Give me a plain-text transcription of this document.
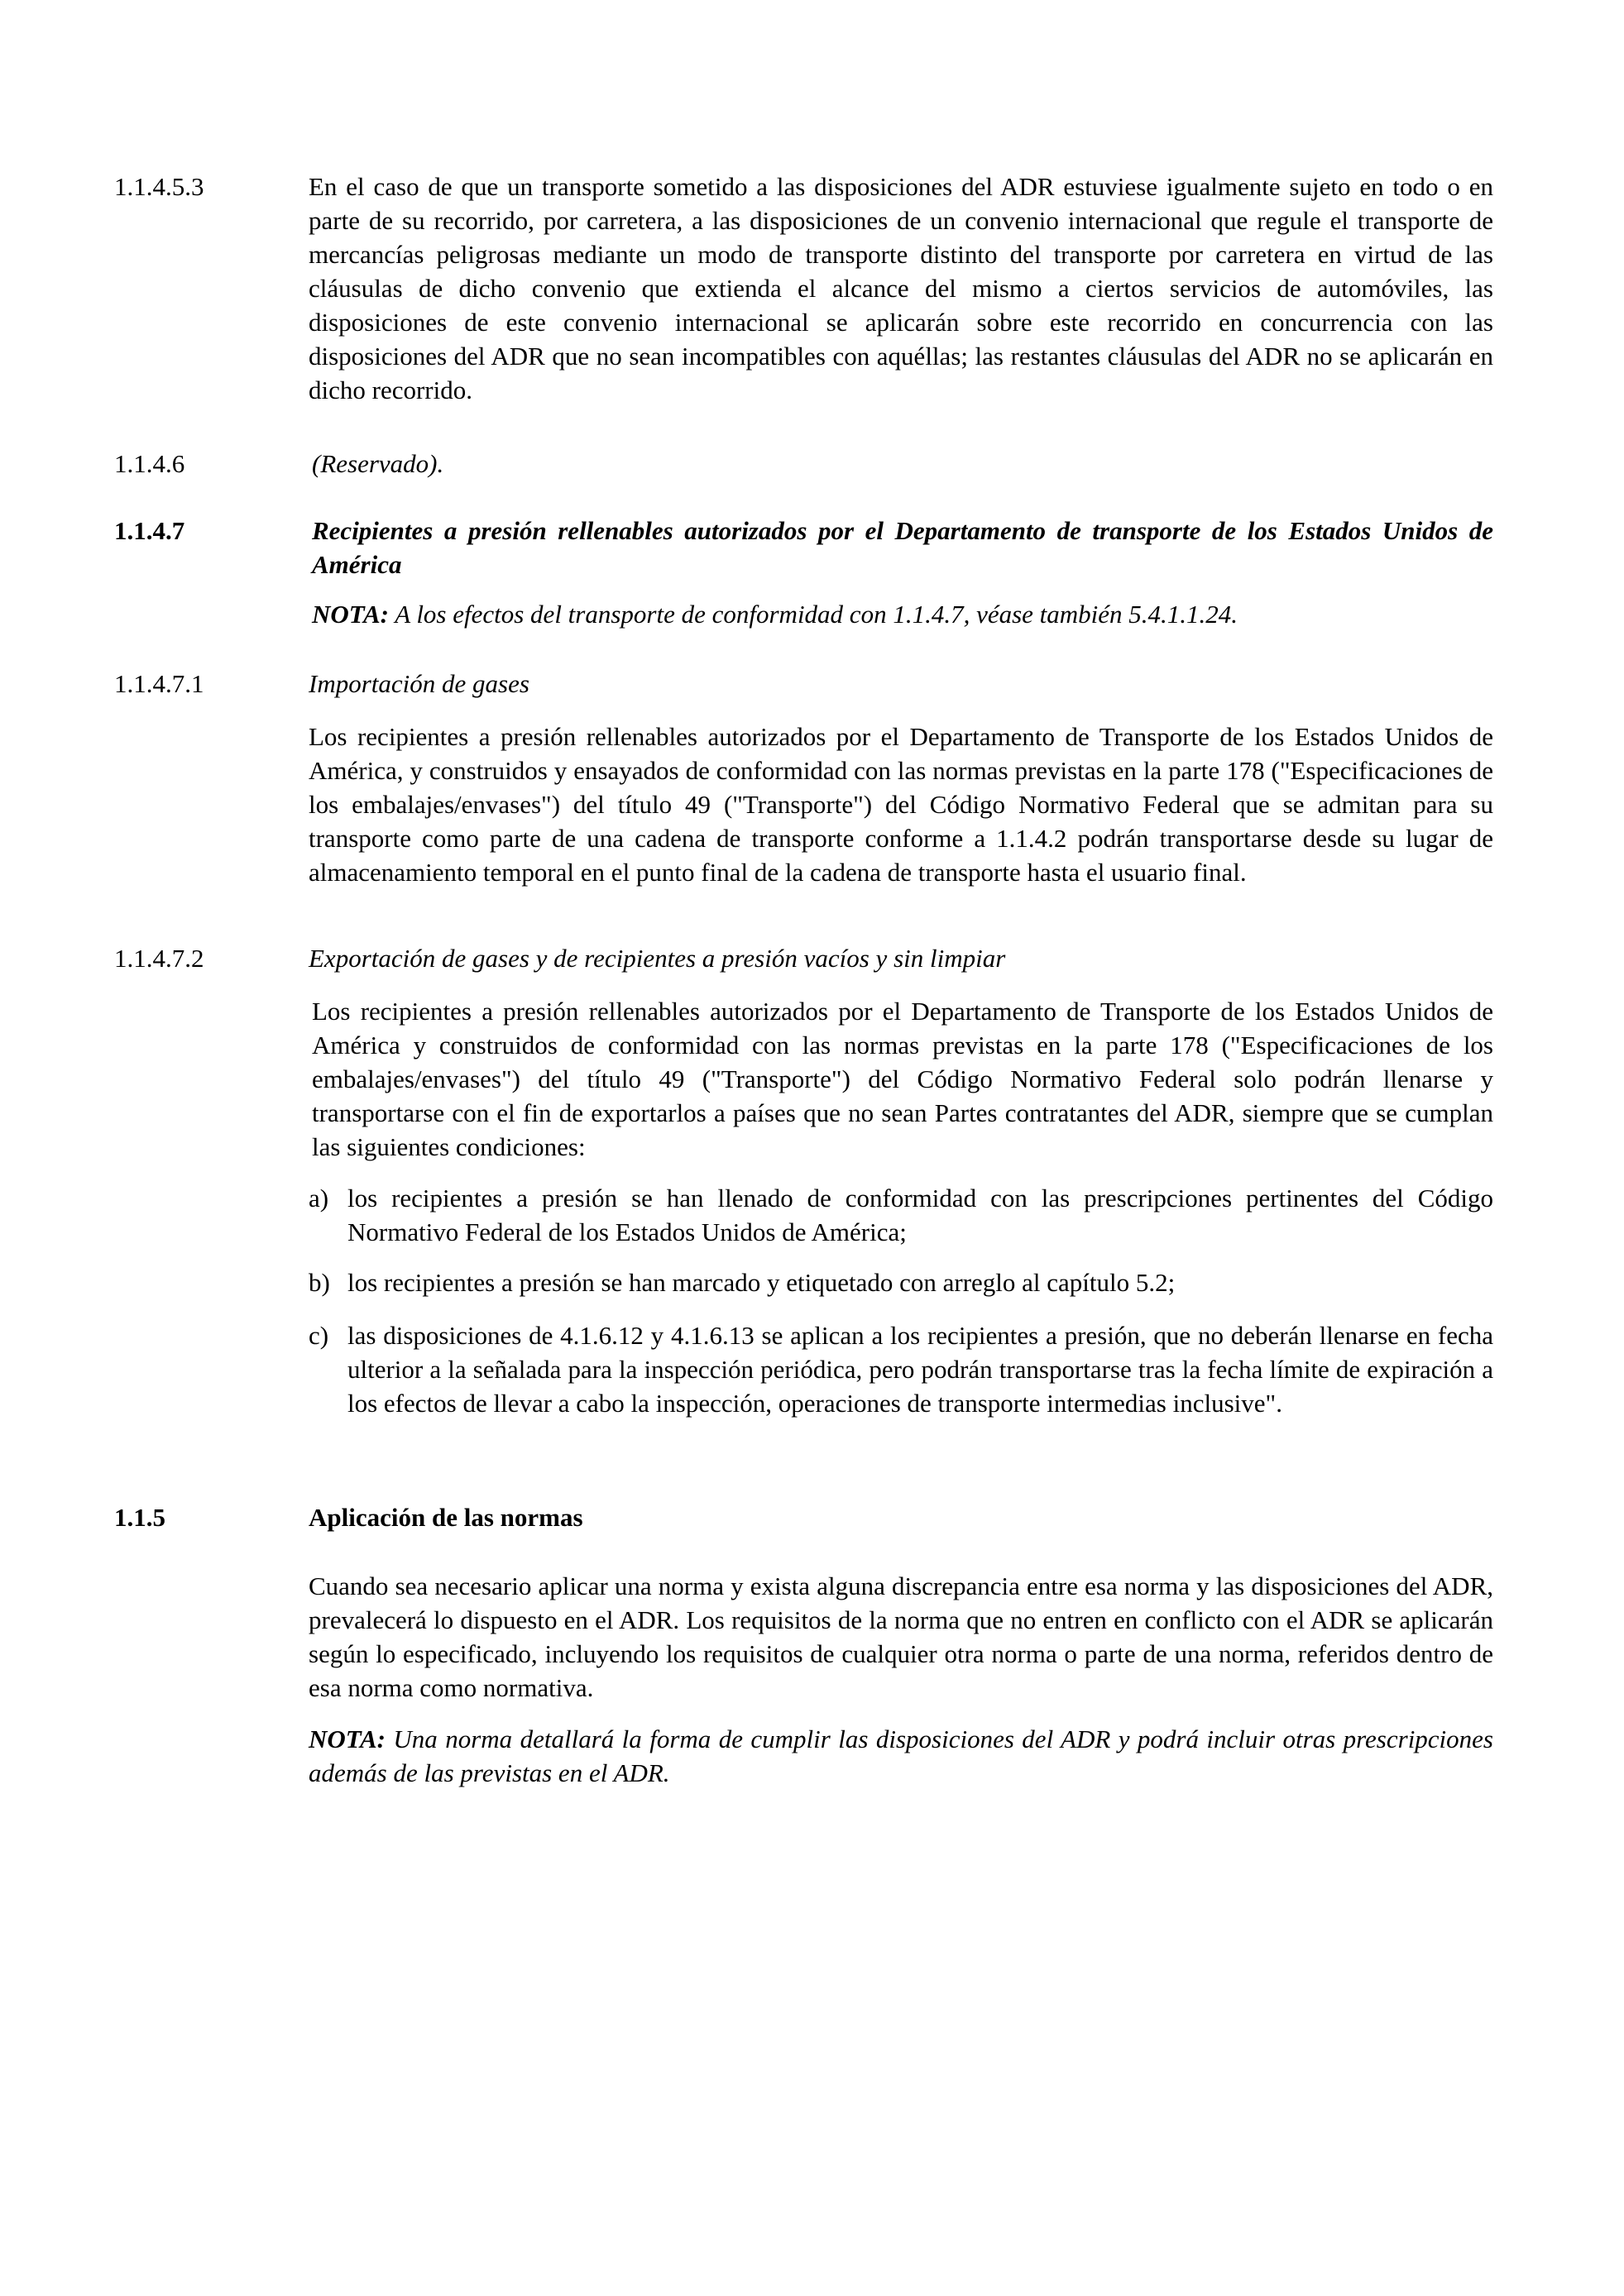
1.1.4.5.3	En el caso de que un transporte sometido a las disposiciones del ADR estuviese igualmente sujeto en todo o en parte de su recorrido, por carretera, a las disposiciones de un convenio internacional que regule el transporte de mercancías peligrosas mediante un modo de transporte distinto del transporte por carretera en virtud de las cláusulas de dicho convenio que extienda el alcance del mismo a ciertos servicios de automóviles, las disposiciones de este convenio internacional se aplicarán sobre este recorrido en concurrencia con las disposiciones del ADR que no sean incompatibles con aquéllas; las restantes cláusulas del ADR no se aplicarán en dicho recorrido.

1.1.4.6	(Reservado).
1.1.4.7	Recipientes a presión rellenables autorizados por el Departamento de transporte de los Estados Unidos de América
NOTA: A los efectos del transporte de conformidad con 1.1.4.7, véase también 5.4.1.1.24.
1.1.4.7.1	Importación de gases

Los recipientes a presión rellenables autorizados por el Departamento de Transporte de los Estados Unidos de América, y construidos y ensayados de conformidad con las normas previstas en la parte 178 ("Especificaciones de los embalajes/envases") del título 49 ("Transporte") del Código Normativo Federal que se admitan para su transporte como parte de una cadena de transporte conforme a 1.1.4.2 podrán transportarse desde su lugar de almacenamiento temporal en el punto final de la cadena de transporte hasta el usuario final.

1.1.4.7.2	Exportación de gases y de recipientes a presión vacíos y sin limpiar

Los recipientes a presión rellenables autorizados por el Departamento de Transporte de los Estados Unidos de América y construidos de conformidad con las normas previstas en la parte 178 ("Especificaciones de los embalajes/envases") del título 49 ("Transporte") del Código Normativo Federal solo podrán llenarse y transportarse con el fin de exportarlos a países que no sean Partes contratantes del ADR, siempre que se cumplan las siguientes condiciones:

a) los recipientes a presión se han llenado de conformidad con las prescripciones pertinentes del Código Normativo Federal de los Estados Unidos de América;
b) los recipientes a presión se han marcado y etiquetado con arreglo al capítulo 5.2;
c) las disposiciones de 4.1.6.12 y 4.1.6.13 se aplican a los recipientes a presión, que no deberán llenarse en fecha ulterior a la señalada para la inspección periódica, pero podrán transportarse tras la fecha límite de expiración a los efectos de llevar a cabo la inspección, operaciones de transporte intermedias inclusive".
1.1.5	Aplicación de las normas

Cuando sea necesario aplicar una norma y exista alguna discrepancia entre esa norma y las disposiciones del ADR, prevalecerá lo dispuesto en el ADR. Los requisitos de la norma que no entren en conflicto con el ADR se aplicarán según lo especificado, incluyendo los requisitos de cualquier otra norma o parte de una norma, referidos dentro de esa norma como normativa.

NOTA: Una norma detallará la forma de cumplir las disposiciones del ADR y podrá incluir otras prescripciones además de las previstas en el ADR.
